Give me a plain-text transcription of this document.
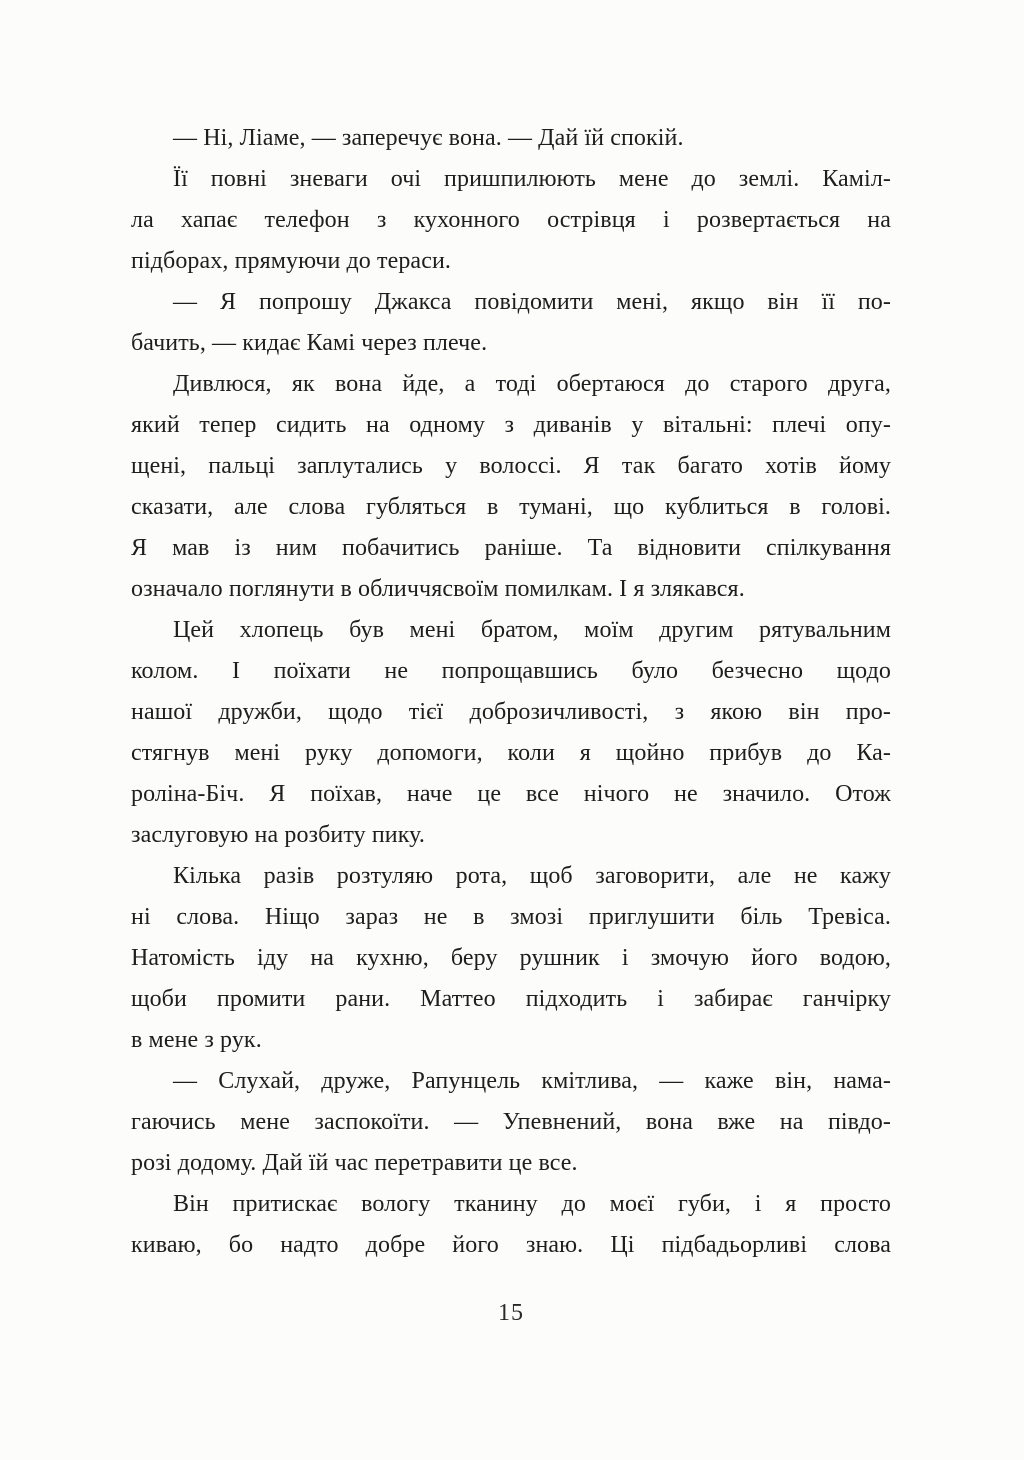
— Ні, Ліаме, — заперечує вона. — Дай їй спокій.
Її повні зневаги очі пришпилюють мене до землі. Каміл-
ла хапає телефон з кухонного острівця і розвертається на
підборах, прямуючи до тераси.
— Я попрошу Джакса повідомити мені, якщо він її по-
бачить, — кидає Камі через плече.
Дивлюся, як вона йде, а тоді обертаюся до старого друга,
який тепер сидить на одному з диванів у вітальні: плечі опу-
щені, пальці заплутались у волоссі. Я так багато хотів йому
сказати, але слова губляться в тумані, що кублиться в голові.
Я мав із ним побачитись раніше. Та відновити спілкування
означало поглянути в обличчясвоїм помилкам. І я злякався.
Цей хлопець був мені братом, моїм другим рятувальним
колом. І поїхати не попрощавшись було безчесно щодо
нашої дружби, щодо тієї доброзичливості, з якою він про-
стягнув мені руку допомоги, коли я щойно прибув до Ка-
роліна-Біч. Я поїхав, наче це все нічого не значило. Отож
заслуговую на розбиту пику.
Кілька разів розтуляю рота, щоб заговорити, але не кажу
ні слова. Ніщо зараз не в змозі приглушити біль Тревіса.
Натомість іду на кухню, беру рушник і змочую його водою,
щоби промити рани. Маттео підходить і забирає ганчірку
в мене з рук.
— Слухай, друже, Рапунцель кмітлива, — каже він, нама-
гаючись мене заспокоїти. — Упевнений, вона вже на півдо-
розі додому. Дай їй час перетравити це все.
Він притискає вологу тканину до моєї губи, і я просто
киваю, бо надто добре його знаю. Ці підбадьорливі слова
15
